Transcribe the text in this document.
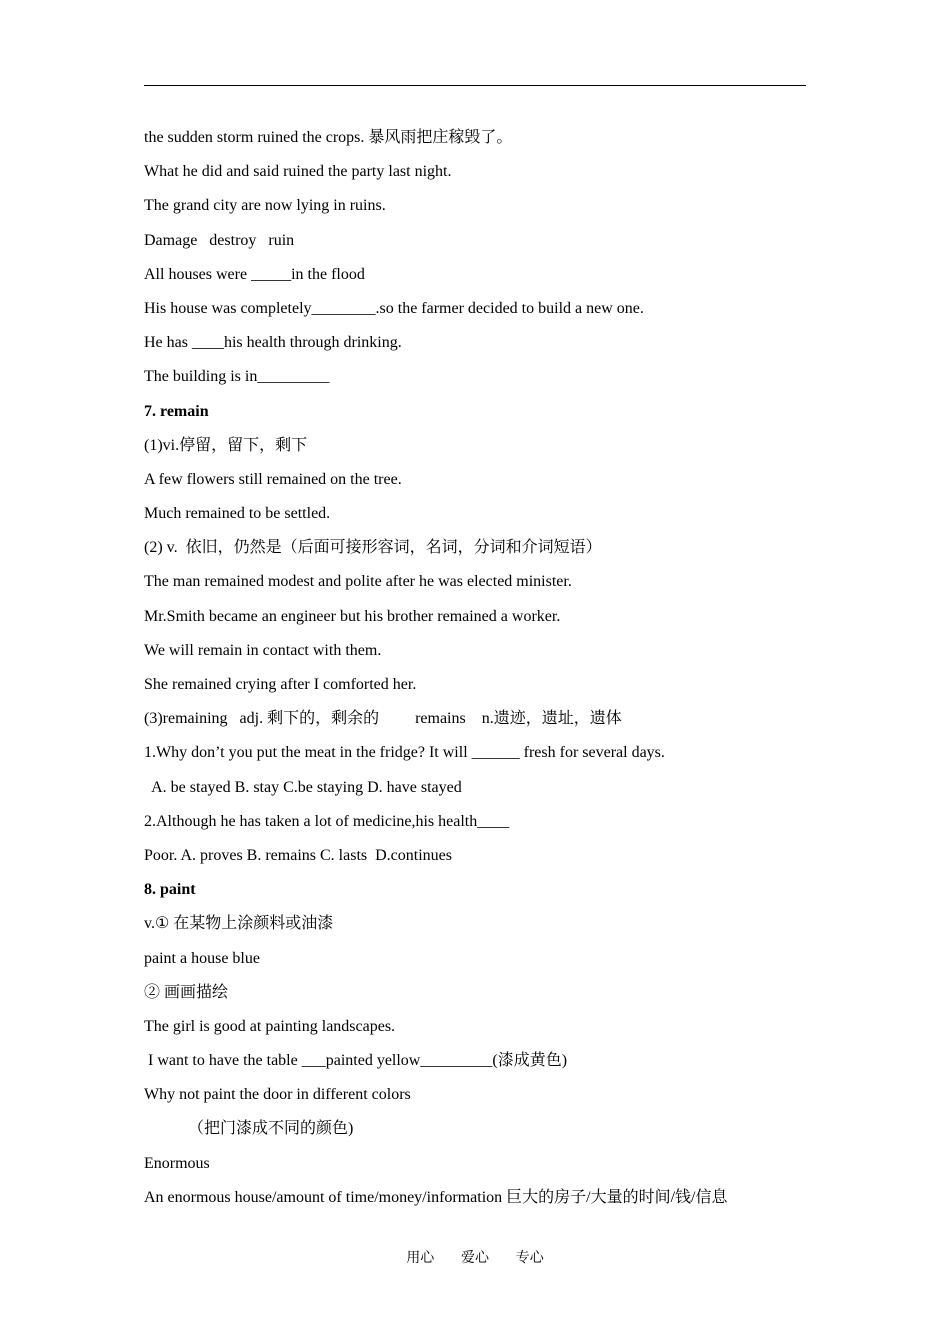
the sudden storm ruined the crops. 暴风雨把庄稼毁了。
What he did and said ruined the party last night.
The grand city are now lying in ruins.
Damage   destroy   ruin
All houses were _____in the flood
His house was completely________.so the farmer decided to build a new one.
He has ____his health through drinking.
The building is in_________
7. remain
(1)vi.停留，留下，剩下
A few flowers still remained on the tree.
Much remained to be settled.
(2) v.  依旧，仍然是（后面可接形容词，名词，分词和介词短语）
The man remained modest and polite after he was elected minister.
Mr.Smith became an engineer but his brother remained a worker.
We will remain in contact with them.
She remained crying after I comforted her.
(3)remaining   adj. 剩下的，剩余的         remains    n.遗迹，遗址，遗体
1.Why don’t you put the meat in the fridge? It will ______ fresh for several days.
A. be stayed B. stay C.be staying D. have stayed
2.Although he has taken a lot of medicine,his health____
Poor. A. proves B. remains C. lasts  D.continues
8. paint
v.① 在某物上涂颜料或油漆
paint a house blue
② 画画描绘
The girl is good at painting landscapes.
I want to have the table ___painted yellow_________(漆成黄色)
Why not paint the door in different colors
（把门漆成不同的颜色)
Enormous
An enormous house/amount of time/money/information 巨大的房子/大量的时间/钱/信息
用心      爱心      专心
